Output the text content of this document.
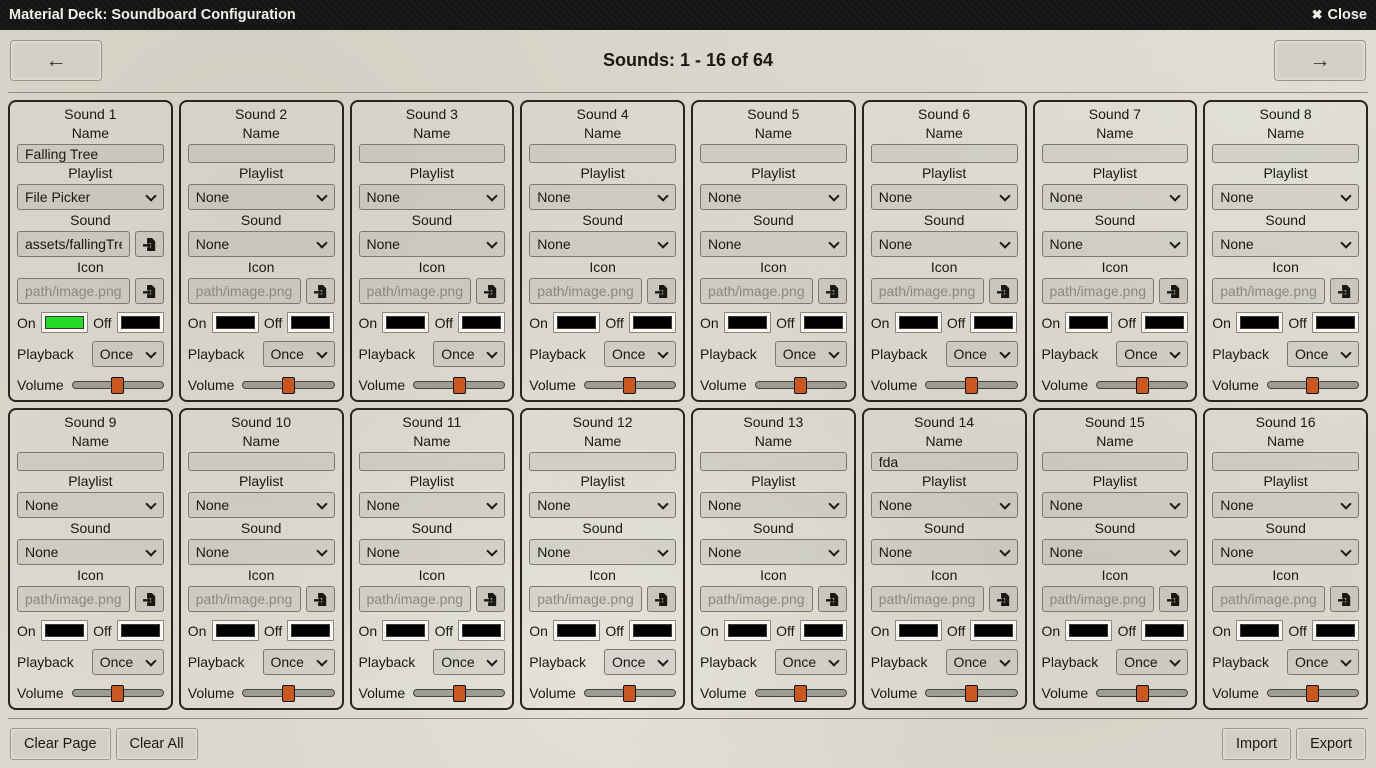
Material Deck: Soundboard Configuration	✖ Close
←	Sounds: 1 - 16 of 64	→
Sound 1
Name
Falling Tree
Playlist
File Picker
Sound
assets/fallingTree
Icon
path/image.png
On	Off
Playback
Once
Volume
Sound 2
Name
Playlist
None
Sound
None
Icon
path/image.png
On	Off
Playback
Once
Volume
Sound 3
Name
Playlist
None
Sound
None
Icon
path/image.png
On	Off
Playback
Once
Volume
Sound 4
Name
Playlist
None
Sound
None
Icon
path/image.png
On	Off
Playback
Once
Volume
Sound 5
Name
Playlist
None
Sound
None
Icon
path/image.png
On	Off
Playback
Once
Volume
Sound 6
Name
Playlist
None
Sound
None
Icon
path/image.png
On	Off
Playback
Once
Volume
Sound 7
Name
Playlist
None
Sound
None
Icon
path/image.png
On	Off
Playback
Once
Volume
Sound 8
Name
Playlist
None
Sound
None
Icon
path/image.png
On	Off
Playback
Once
Volume
Sound 9
Name
Playlist
None
Sound
None
Icon
path/image.png
On	Off
Playback
Once
Volume
Sound 10
Name
Playlist
None
Sound
None
Icon
path/image.png
On	Off
Playback
Once
Volume
Sound 11
Name
Playlist
None
Sound
None
Icon
path/image.png
On	Off
Playback
Once
Volume
Sound 12
Name
Playlist
None
Sound
None
Icon
path/image.png
On	Off
Playback
Once
Volume
Sound 13
Name
Playlist
None
Sound
None
Icon
path/image.png
On	Off
Playback
Once
Volume
Sound 14
Name
fda
Playlist
None
Sound
None
Icon
path/image.png
On	Off
Playback
Once
Volume
Sound 15
Name
Playlist
None
Sound
None
Icon
path/image.png
On	Off
Playback
Once
Volume
Sound 16
Name
Playlist
None
Sound
None
Icon
path/image.png
On	Off
Playback
Once
Volume
Clear Page	Clear All	Import	Export
